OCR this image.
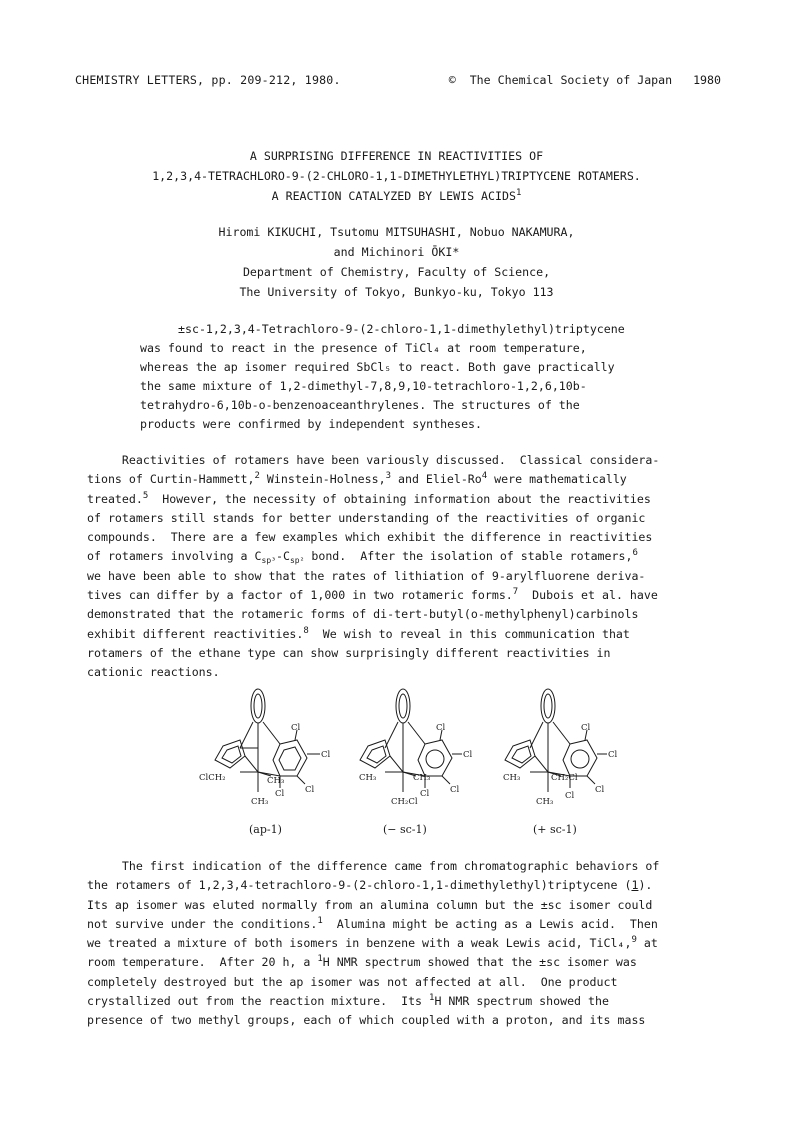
CHEMISTRY LETTERS, pp. 209-212, 1980.	©  The Chemical Society of Japan   1980
A SURPRISING DIFFERENCE IN REACTIVITIES OF
1,2,3,4-TETRACHLORO-9-(2-CHLORO-1,1-DIMETHYLETHYL)TRIPTYCENE ROTAMERS.
A REACTION CATALYZED BY LEWIS ACIDS$^1$
Hiromi KIKUCHI, Tsutomu MITSUHASHI, Nobuo NAKAMURA,
and Michinori ŌKI*
Department of Chemistry, Faculty of Science,
The University of Tokyo, Bunkyo-ku, Tokyo 113
±sc-1,2,3,4-Tetrachloro-9-(2-chloro-1,1-dimethylethyl)triptycene
was found to react in the presence of TiCl₄ at room temperature,
whereas the ap isomer required SbCl₅ to react. Both gave practically
the same mixture of 1,2-dimethyl-7,8,9,10-tetrachloro-1,2,6,10b-
tetrahydro-6,10b-o-benzenoaceanthrylenes. The structures of the
products were confirmed by independent syntheses.
Reactivities of rotamers have been variously discussed.  Classical considera-
tions of Curtin-Hammett,$^2$ Winstein-Holness,$^3$ and Eliel-Ro$^4$ were mathematically
treated.$^5$  However, the necessity of obtaining information about the reactivities
of rotamers still stands for better understanding of the reactivities of organic
compounds.  There are a few examples which exhibit the difference in reactivities
of rotamers involving a $C_{sp^3}-C_{sp^2}$ bond.  After the isolation of stable rotamers,$^6$
we have been able to show that the rates of lithiation of 9-arylfluorene deriva-
tives can differ by a factor of 1,000 in two rotameric forms.$^7$  Dubois et al. have
demonstrated that the rotameric forms of di-tert-butyl(o-methylphenyl)carbinols
exhibit different reactivities.$^8$  We wish to reveal in this communication that
rotamers of the ethane type can show surprisingly different reactivities in
cationic reactions.
Cl
Cl
Cl
Cl
ClCH₂	CH₃
CH₃
Cl
Cl
Cl
Cl
CH₃	CH₃
CH₂Cl
Cl
Cl
Cl
Cl
CH₃	CH₂Cl
CH₃
(ap-1)	(− sc-1)	(+ sc-1)
The first indication of the difference came from chromatographic behaviors of
the rotamers of 1,2,3,4-tetrachloro-9-(2-chloro-1,1-dimethylethyl)triptycene (1).
Its ap isomer was eluted normally from an alumina column but the ±sc isomer could
not survive under the conditions.$^1$  Alumina might be acting as a Lewis acid.  Then
we treated a mixture of both isomers in benzene with a weak Lewis acid, TiCl₄,$^9$ at
room temperature.  After 20 h, a $^1$H NMR spectrum showed that the ±sc isomer was
completely destroyed but the ap isomer was not affected at all.  One product
crystallized out from the reaction mixture.  Its $^1$H NMR spectrum showed the
presence of two methyl groups, each of which coupled with a proton, and its mass
